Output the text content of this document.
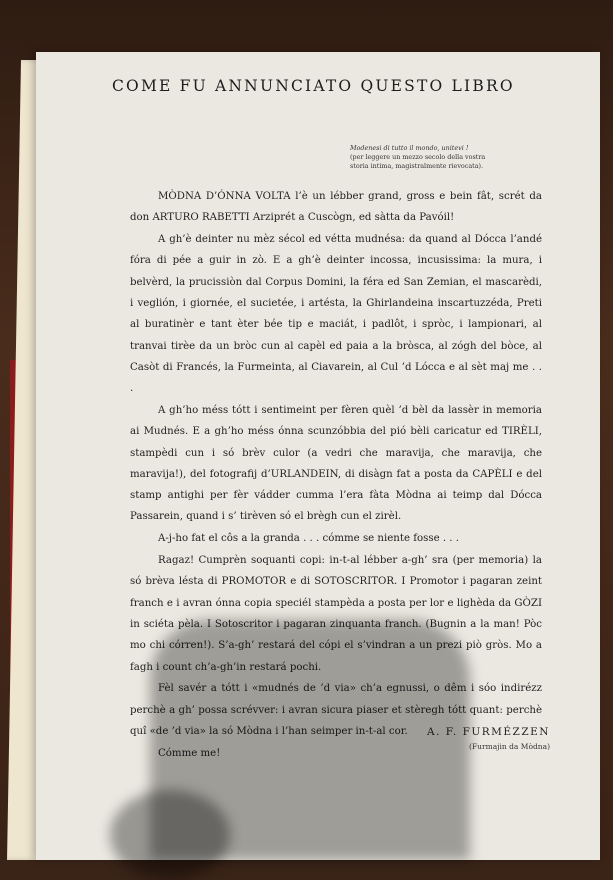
COME FU ANNUNCIATO QUESTO LIBRO
Modenesi di tutto il mondo, unitevi !
(per leggere un mezzo secolo della vostra
storia intima, magistralmente rievocata).

MÒDNA D’ÓNNA VOLTA l’è un lébber grand, gross e bein fât, scrét da don ARTURO RABETTI Arziprét a Cuscògn, ed sàtta da Pavóil!

A gh’è deinter nu mèz sécol ed vétta mudnésa: da quand al Dócca l’andé fóra di pée a guir in zò. E a gh’è deinter incossa, incusissima: la mura, i belvèrd, la prucissiòn dal Corpus Domini, la féra ed San Zemian, el mascarèdi, i veglión, i giornée, el sucietée, i artésta, la Ghirlandeina inscartuzzéda, Preti al buratinèr e tant èter bée tip e maciát, i padlôt, i spròc, i lampionari, al tranvai tirèe da un bròc cun al capèl ed paia a la bròsca, al zógh del bòce, al Casòt di Francés, la Furmeinta, al Ciavarein, al Cul ’d Lócca e al sèt maj me . . .

A gh’ho méss tótt i sentimeint per fèren quèl ’d bèl da lassèr in memoria ai Mudnés. E a gh’ho méss ónna scunzóbbia del pió bèli caricatur ed TIRÈLI, stampèdi cun i só brèv culor (a vedri che maravija, che maravija, che maravija!), del fotografij d’URLANDEIN, di disàgn fat a posta da CAPÈLI e del stamp antighi per fèr vádder cumma l’era fàta Mòdna ai teimp dal Dócca Passarein, quand i s’ tirèven só el brègh cun el zirèl.

A-j-ho fat el côs a la granda . . . cómme se niente fosse . . .

Ragaz! Cumprèn soquanti copi: in-t-al lébber a-gh’ sra (per memoria) la só brèva lésta di PROMOTOR e di SOTOSCRITOR. I Promotor i pagaran zeint franch e i avran ónna copia speciél stampèda a posta per lor e lighèda da GÒZI in sciéta pèla. I Sotoscritor i pagaran zinquanta franch. (Bugnin a la man! Pòc mo chi córren!). S’a-gh’ restará del cópi el s’vindran a un prezi piò gròs. Mo a fagh i count ch’a-gh’in restará pochi.

Fèl savér a tótt i «mudnés de ’d via» ch’a egnussi, o dêm i sóo indirézz perchè a gh’ possa scrévver: i avran sicura piaser et stèregh tótt quant: perchè quî «de ’d via» la só Mòdna i l’han seimper in-t-al cor.

Cómme me!

A. F. FURMÉZZEN
(Furmajin da Mòdna)
